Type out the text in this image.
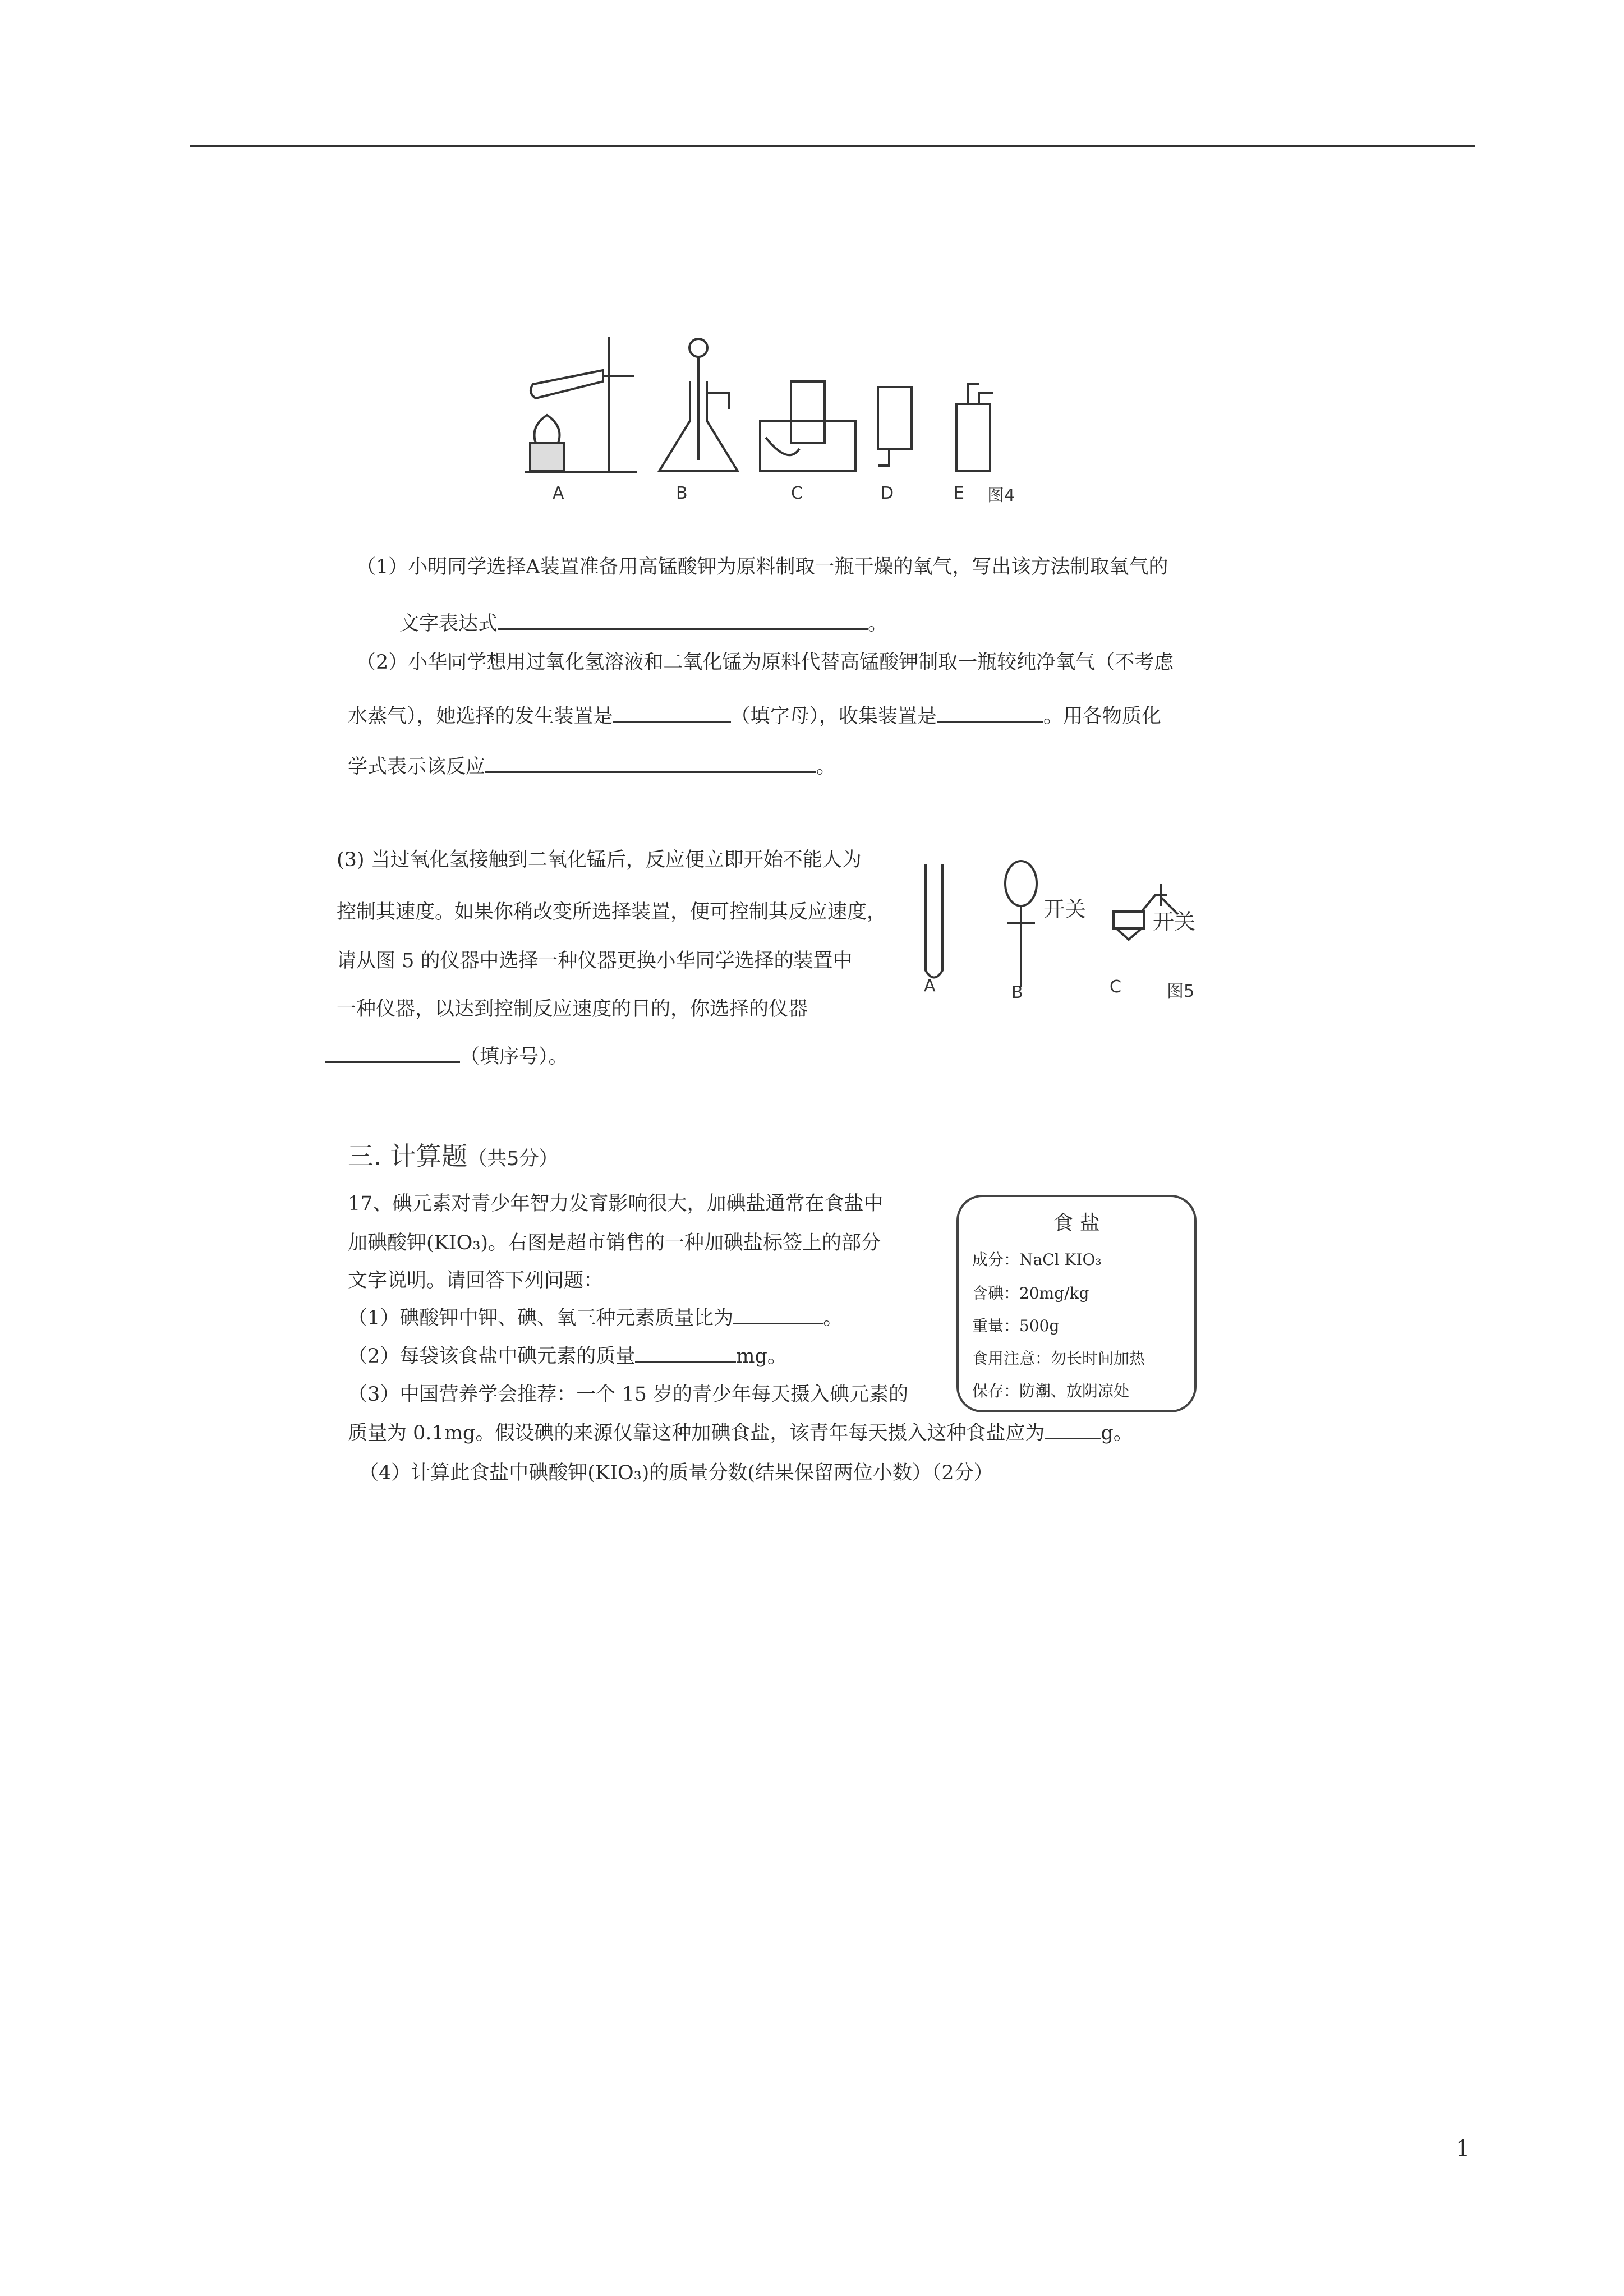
A	B	C	D	E 图4
（1）小明同学选择A装置准备用高锰酸钾为原料制取一瓶干燥的氧气，写出该方法制取氧气的
文字表达式	。
（2）小华同学想用过氧化氢溶液和二氧化锰为原料代替高锰酸钾制取一瓶较纯净氧气（不考虑
水蒸气），她选择的发生装置是	（填字母），收集装置是	。用各物质化
学式表示该反应	。
(3) 当过氧化氢接触到二氧化锰后，反应便立即开始不能人为
控制其速度。如果你稍改变所选择装置，便可控制其反应速度，
请从图 5 的仪器中选择一种仪器更换小华同学选择的装置中
一种仪器，以达到控制反应速度的目的，你选择的仪器
（填序号）。
开关	开关
A	B	C	图5
三. 计算题（共5分）
17、碘元素对青少年智力发育影响很大，加碘盐通常在食盐中
加碘酸钾(KIO₃)。右图是超市销售的一种加碘盐标签上的部分
文字说明。请回答下列问题：
（1）碘酸钾中钾、碘、氧三种元素质量比为	。
（2）每袋该食盐中碘元素的质量	mg。
（3）中国营养学会推荐：一个 15 岁的青少年每天摄入碘元素的
质量为 0.1mg。假设碘的来源仅靠这种加碘食盐，该青年每天摄入这种食盐应为	g。
（4）计算此食盐中碘酸钾(KIO₃)的质量分数(结果保留两位小数）（2分）
食 盐
成分：NaCl KIO₃
含碘：20mg/kg
重量：500g
食用注意：勿长时间加热
保存：防潮、放阴凉处
1
